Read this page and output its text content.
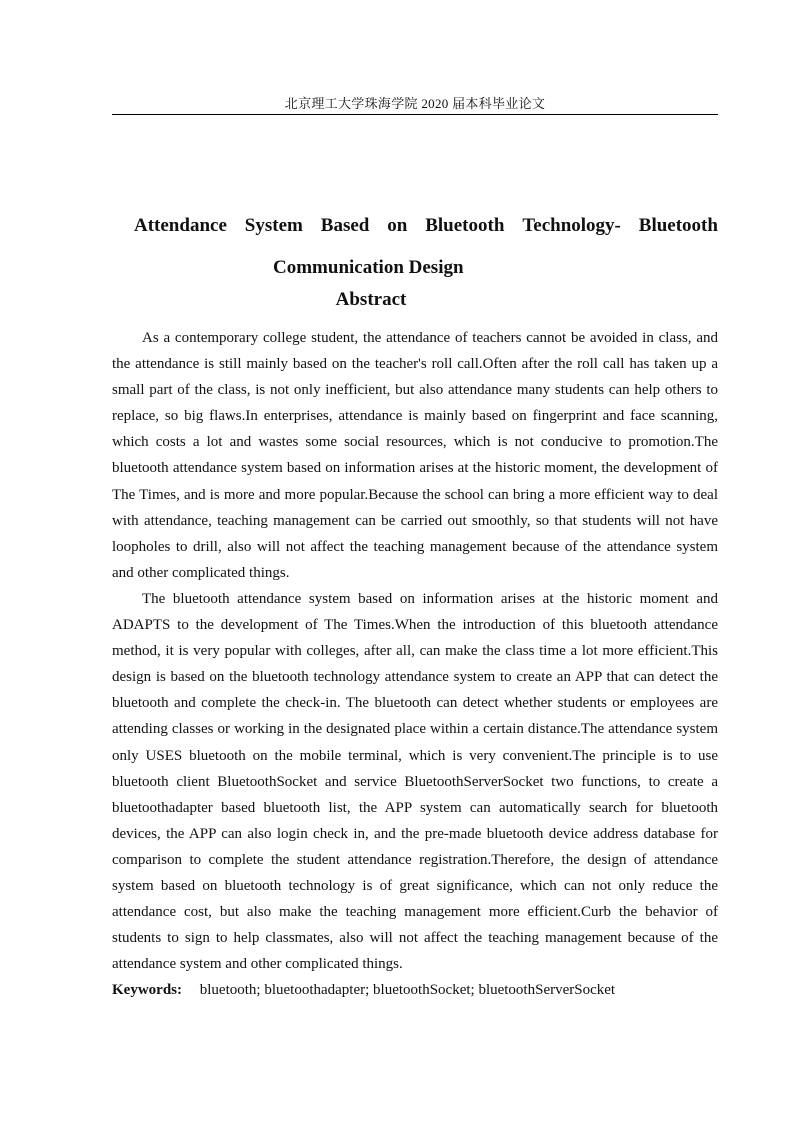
北京理工大学珠海学院 2020 届本科毕业论文
Attendance System Based on Bluetooth Technology- Bluetooth
Communication Design
Abstract

As a contemporary college student, the attendance of teachers cannot be avoided in class, and the attendance is still mainly based on the teacher's roll call.Often after the roll call has taken up a small part of the class, is not only inefficient, but also attendance many students can help others to replace, so big flaws.In enterprises, attendance is mainly based on fingerprint and face scanning, which costs a lot and wastes some social resources, which is not conducive to promotion.The bluetooth attendance system based on information arises at the historic moment, the development of The Times, and is more and more popular.Because the school can bring a more efficient way to deal with attendance, teaching management can be carried out smoothly, so that students will not have loopholes to drill, also will not affect the teaching management because of the attendance system and other complicated things.

The bluetooth attendance system based on information arises at the historic moment and ADAPTS to the development of The Times.When the introduction of this bluetooth attendance method, it is very popular with colleges, after all, can make the class time a lot more efficient.This design is based on the bluetooth technology attendance system to create an APP that can detect the bluetooth and complete the check-in. The bluetooth can detect whether students or employees are attending classes or working in the designated place within a certain distance.The attendance system only USES bluetooth on the mobile terminal, which is very convenient.The principle is to use bluetooth client BluetoothSocket and service BluetoothServerSocket two functions, to create a bluetoothadapter based bluetooth list, the APP system can automatically search for bluetooth devices, the APP can also login check in, and the pre-made bluetooth device address database for comparison to complete the student attendance registration.Therefore, the design of attendance system based on bluetooth technology is of great significance, which can not only reduce the attendance cost, but also make the teaching management more efficient.Curb the behavior of students to sign to help classmates, also will not affect the teaching management because of the attendance system and other complicated things.

Keywords: bluetooth; bluetoothadapter; bluetoothSocket; bluetoothServerSocket
